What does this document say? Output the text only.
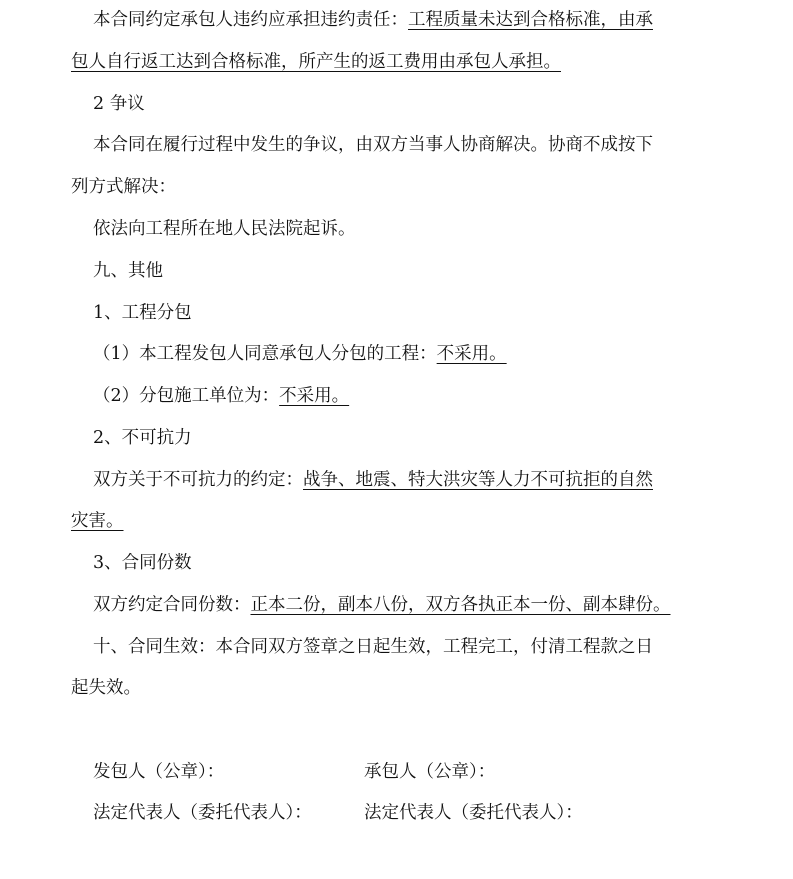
本合同约定承包人违约应承担违约责任：工程质量未达到合格标准，由承
包人自行返工达到合格标准，所产生的返工费用由承包人承担。
2 争议
本合同在履行过程中发生的争议，由双方当事人协商解决。协商不成按下
列方式解决：
依法向工程所在地人民法院起诉。
九、其他
1、工程分包
（1）本工程发包人同意承包人分包的工程：不采用。
（2）分包施工单位为：不采用。
2、不可抗力
双方关于不可抗力的约定：战争、地震、特大洪灾等人力不可抗拒的自然
灾害。
3、合同份数
双方约定合同份数：正本二份，副本八份，双方各执正本一份、副本肆份。
十、合同生效：本合同双方签章之日起生效，工程完工，付清工程款之日
起失效。
发包人（公章）：	承包人（公章）：
法定代表人（委托代表人）：	法定代表人（委托代表人）：
